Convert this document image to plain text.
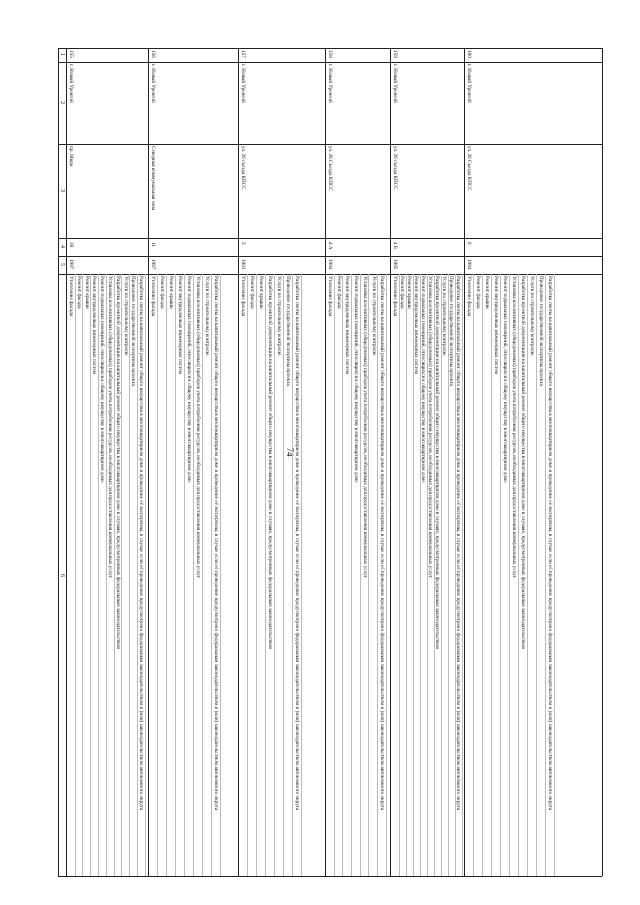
74
1
2
3
4
5
6
155
г. Новый Уренгой
пр. Мира
38
1987
Утепление фасада Ремонт фасада Ремонт крыши Ремонт внутридомовых инженерных систем Ремонт подвальных помещений, относящихся к общему имуществу в многоквартирном доме Установка коллективных (общедомовых) приборов учета потребления ресурсов, необходимых для предоставления коммунальных услуг Разработка проектной документации на капитальный ремонт общего имущества в многоквартирном доме в случаях, предусмотренных федеральным законодательством Услуги по строительному контролю Проведение государственной экспертизы проекта Разработка сметы на капитальный ремонт общего имущества в многоквартирном доме и проведение её экспертизы, в случае если её проведение предусмотрено федеральным законодательством и (или) законодательством автономного округа
156
г. Новый Уренгой
Северная коммунальная зона
11
1987
Утепление фасада Ремонт фасада Ремонт крыши Ремонт внутридомовых инженерных систем Ремонт подвальных помещений, относящихся к общему имуществу в многоквартирном доме Установка коллективных (общедомовых) приборов учета потребления ресурсов, необходимых для предоставления коммунальных услуг Услуги по строительному контролю Разработка сметы на капитальный ремонт общего имущества в многоквартирном доме и проведение её экспертизы, в случае если её проведение предусмотрено федеральным законодательством и (или) законодательством автономного округа
157
г. Новый Уренгой
ул. 26 съезда КПСС
2
1983
Утепление фасада Ремонт фасада Ремонт крыши Разработка проектной документации на капитальный ремонт общего имущества в многоквартирном доме в случаях, предусмотренных федеральным законодательством Услуги по строительному контролю Проведение государственной экспертизы проекта Разработка сметы на капитальный ремонт общего имущества в многоквартирном доме и проведение её экспертизы, в случае если её проведение предусмотрено федеральным законодательством и (или) законодательством автономного округа
158
г. Новый Уренгой
ул. 26 Съезда КПСС
4 А
1984
Утепление фасада Ремонт фасада Ремонт внутридомовых инженерных систем Ремонт подвальных помещений, относящихся к общему имуществу в многоквартирном доме Установка коллективных (общедомовых) приборов учета потребления ресурсов, необходимых для предоставления коммунальных услуг Услуги по строительному контролю Разработка сметы на капитальный ремонт общего имущества в многоквартирном доме и проведение её экспертизы, в случае если её проведение предусмотрено федеральным законодательством и (или) законодательством автономного округа
159
г. Новый Уренгой
ул. 26 съезда КПСС
4 Б
1985
Утепление фасада Ремонт фасада Ремонт крыши Ремонт внутридомовых инженерных систем Ремонт подвальных помещений, относящихся к общему имуществу в многоквартирном доме Установка коллективных (общедомовых) приборов учета потребления ресурсов, необходимых для предоставления коммунальных услуг Разработка проектной документации на капитальный ремонт общего имущества в многоквартирном доме в случаях, предусмотренных федеральным законодательством Услуги по строительному контролю Проведение государственной экспертизы проекта Разработка сметы на капитальный ремонт общего имущества в многоквартирном доме и проведение её экспертизы, в случае если её проведение предусмотрено федеральным законодательством и (или) законодательством автономного округа
160
г. Новый Уренгой
ул. 26 Съезда КПСС
6
1984
Утепление фасада Ремонт фасада Ремонт крыши Ремонт внутридомовых инженерных систем Ремонт подвальных помещений, относящихся к общему имуществу в многоквартирном доме Установка коллективных (общедомовых) приборов учета потребления ресурсов, необходимых для предоставления коммунальных услуг Разработка проектной документации на капитальный ремонт общего имущества в многоквартирном доме в случаях, предусмотренных федеральным законодательством Услуги по строительному контролю Проведение государственной экспертизы проекта Разработка сметы на капитальный ремонт общего имущества в многоквартирном доме и проведение её экспертизы, в случае если её проведение предусмотрено федеральным законодательством и (или) законодательством автономного округа
